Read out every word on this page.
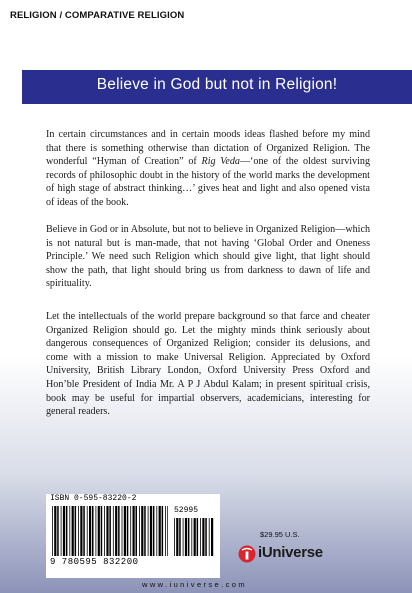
RELIGION / COMPARATIVE RELIGION
Believe in God but not in Religion!
In certain circumstances and in certain moods ideas flashed before my mind that there is something otherwise than dictation of Organized Religion. The wonderful “Hyman of Creation” of Rig Veda—‘one of the oldest surviving records of philosophic doubt in the history of the world marks the development of high stage of abstract thinking…’ gives heat and light and also opened vista of ideas of the book.
Believe in God or in Absolute, but not to believe in Organized Religion—which is not natural but is man-made, that not having ‘Global Order and Oneness Principle.’ We need such Religion which should give light, that light should show the path, that light should bring us from darkness to dawn of life and spirituality.
Let the intellectuals of the world prepare background so that farce and cheater Organized Religion should go. Let the mighty minds think seriously about dangerous consequences of Organized Religion; consider its delusions, and come with a mission to make Universal Religion. Appreciated by Oxford University, British Library London, Oxford University Press Oxford and Hon’ble President of India Mr. A P J Abdul Kalam; in present spiritual crisis, book may be useful for impartial observers, academicians, interesting for general readers.
ISBN 0-595-83220-2
52995
9 780595 832200
$29.95 U.S.
iUniverse
www.iuniverse.com
